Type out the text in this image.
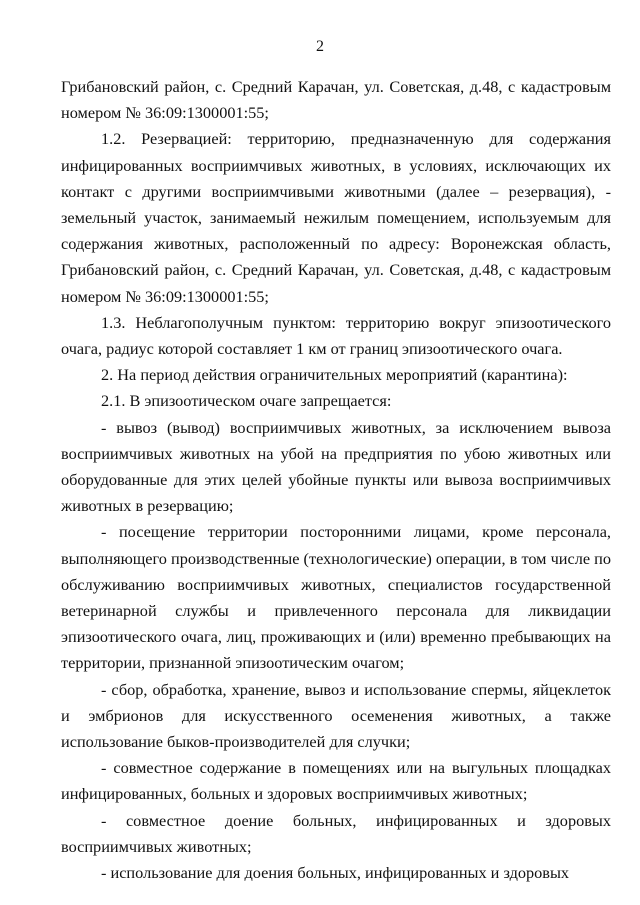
2

Грибановский район, с. Средний Карачан, ул. Советская, д.48, с кадастровым номером № 36:09:1300001:55;

1.2. Резервацией: территорию, предназначенную для содержания инфицированных восприимчивых животных, в условиях, исключающих их контакт с другими восприимчивыми животными (далее – резервация), - земельный участок, занимаемый нежилым помещением, используемым для содержания животных, расположенный по адресу: Воронежская область, Грибановский район, с. Средний Карачан, ул. Советская, д.48, с кадастровым номером № 36:09:1300001:55;

1.3. Неблагополучным пунктом: территорию вокруг эпизоотического очага, радиус которой составляет 1 км от границ эпизоотического очага.

2. На период действия ограничительных мероприятий (карантина):

2.1. В эпизоотическом очаге запрещается:

- вывоз (вывод) восприимчивых животных, за исключением вывоза восприимчивых животных на убой на предприятия по убою животных или оборудованные для этих целей убойные пункты или вывоза восприимчивых животных в резервацию;

- посещение территории посторонними лицами, кроме персонала, выполняющего производственные (технологические) операции, в том числе по обслуживанию восприимчивых животных, специалистов государственной ветеринарной службы и привлеченного персонала для ликвидации эпизоотического очага, лиц, проживающих и (или) временно пребывающих на территории, признанной эпизоотическим очагом;

- сбор, обработка, хранение, вывоз и использование спермы, яйцеклеток и эмбрионов для искусственного осеменения животных, а также использование быков-производителей для случки;

- совместное содержание в помещениях или на выгульных площадках инфицированных, больных и здоровых восприимчивых животных;

- совместное доение больных, инфицированных и здоровых восприимчивых животных;

- использование для доения больных, инфицированных и здоровых
